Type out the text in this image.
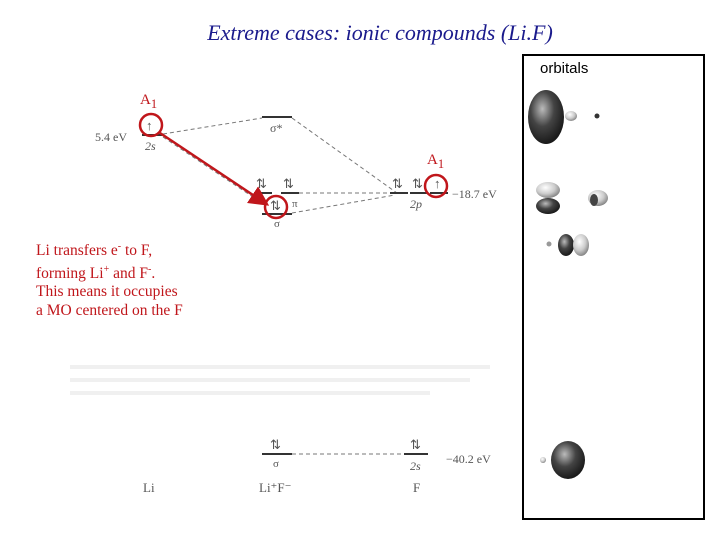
Extreme cases: ionic compounds (Li.F)
5.4 eV
2s
↑	σ*
⇅ ⇅
π
σ
⇅
⇅ ⇅ ↑
2p
−18.7 eV
⇅
σ
⇅
2s −40.2 eV
Li	Li⁺F⁻	F
$A_1$
$A_1$
Li transfers e- to F,
forming Li+ and F-.
This means it occupies
a MO centered on the F
orbitals
